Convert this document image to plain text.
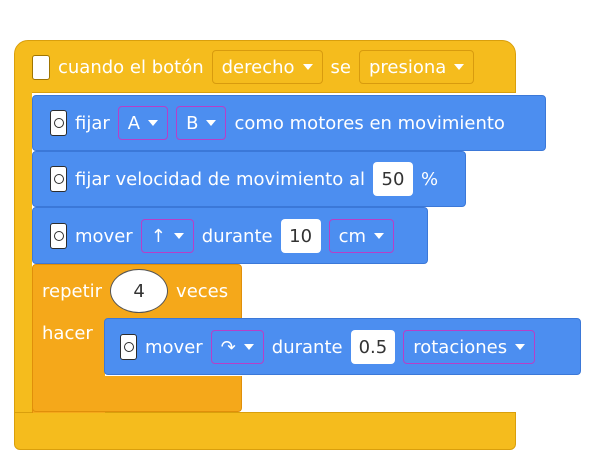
cuando el botón derecho se presiona
fijar A	B como motores en movimiento
fijar velocidad de movimiento al 50 %
mover ↑ durante 10	cm
repetir	4	veces
hacer
mover ↷ durante 0.5	rotaciones
